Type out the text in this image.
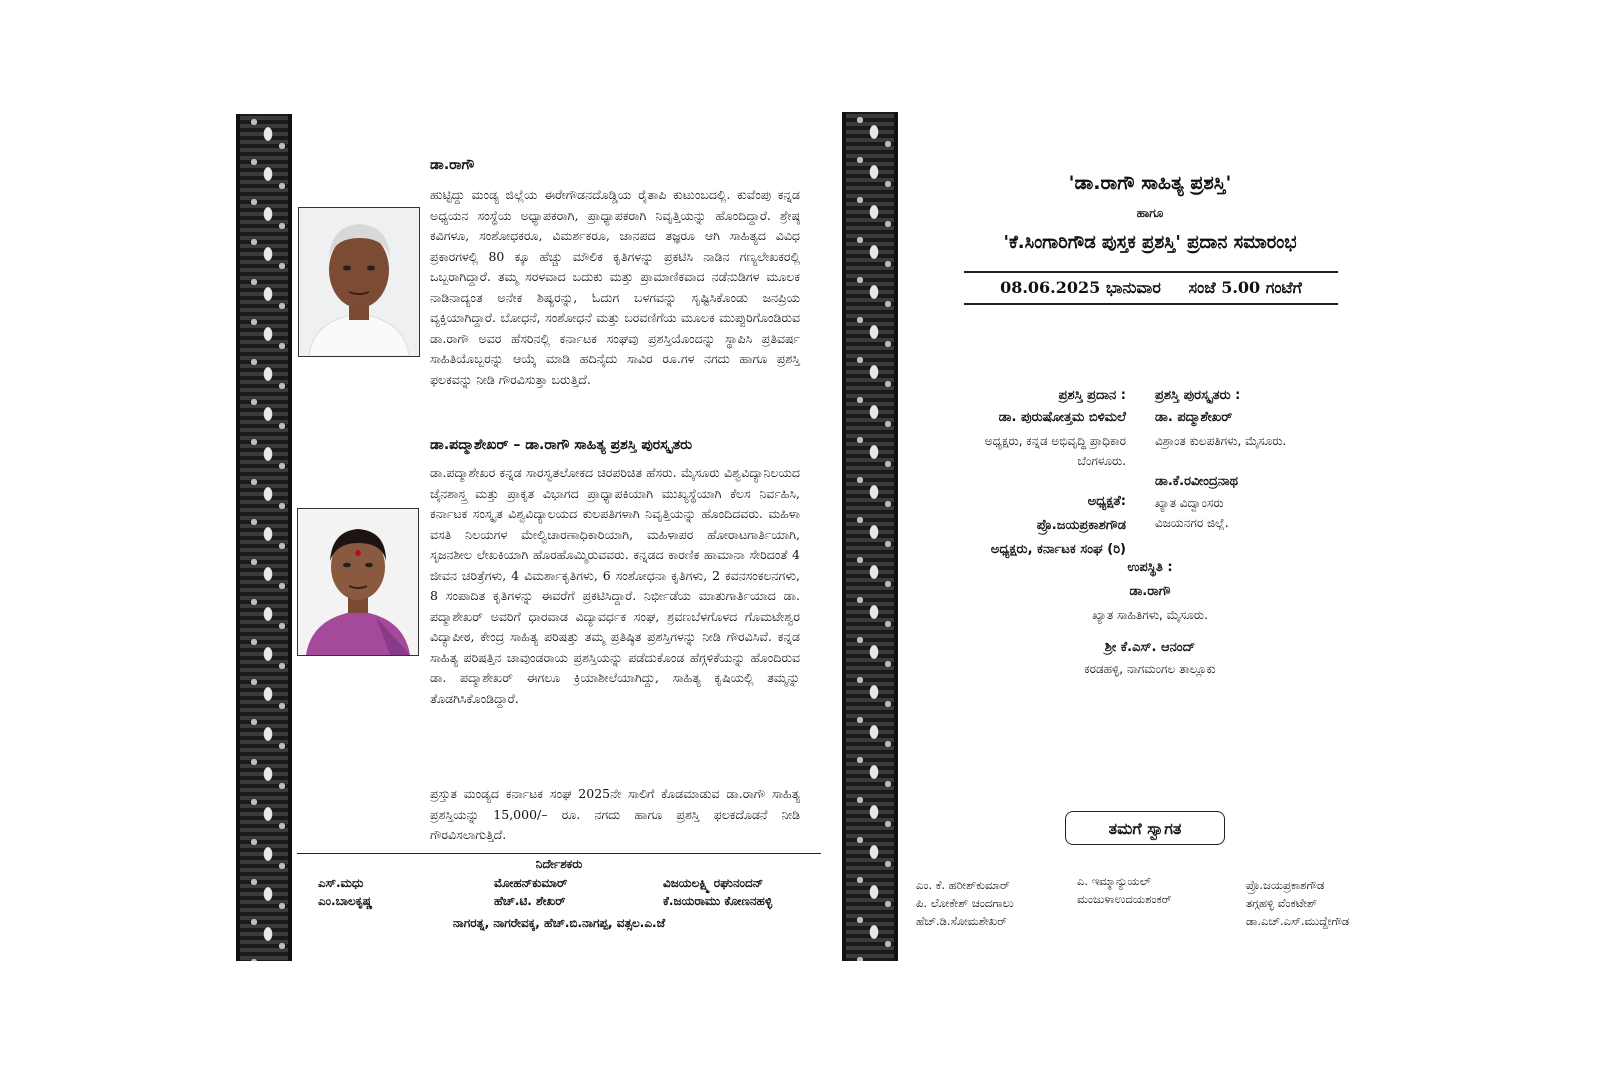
ಡಾ.ರಾಗೌ
ಹುಟ್ಟಿದ್ದು ಮಂಡ್ಯ ಜಿಲ್ಲೆಯ ಈರೇಗೌಡನದೊಡ್ಡಿಯ ರೈತಾಪಿ ಕುಟುಂಬದಲ್ಲಿ. ಕುವೆಂಪು ಕನ್ನಡ ಅಧ್ಯಯನ ಸಂಸ್ಥೆಯ ಅಧ್ಯಾಪಕರಾಗಿ, ಪ್ರಾಧ್ಯಾಪಕರಾಗಿ ನಿವೃತ್ತಿಯನ್ನು ಹೊಂದಿದ್ದಾರೆ. ಶ್ರೇಷ್ಠ ಕವಿಗಳೂ, ಸಂಶೋಧಕರೂ, ವಿಮರ್ಶಕರೂ, ಜಾನಪದ ತಜ್ಞರೂ ಆಗಿ ಸಾಹಿತ್ಯದ ವಿವಿಧ ಪ್ರಕಾರಗಳಲ್ಲಿ 80 ಕ್ಕೂ ಹೆಚ್ಚು ಮೌಲಿಕ ಕೃತಿಗಳನ್ನು ಪ್ರಕಟಿಸಿ ನಾಡಿನ ಗಣ್ಯಲೇಖಕರಲ್ಲಿ ಒಬ್ಬರಾಗಿದ್ದಾರೆ. ತಮ್ಮ ಸರಳವಾದ ಬದುಕು ಮತ್ತು ಪ್ರಾಮಾಣಿಕವಾದ ನಡೆನುಡಿಗಳ ಮೂಲಕ ನಾಡಿನಾದ್ಯಂತ ಅನೇಕ ಶಿಷ್ಯರನ್ನು, ಓದುಗ ಬಳಗವನ್ನು ಸೃಷ್ಟಿಸಿಕೊಂಡು ಜನಪ್ರಿಯ ವ್ಯಕ್ತಿಯಾಗಿದ್ದಾರೆ. ಬೋಧನೆ, ಸಂಶೋಧನೆ ಮತ್ತು ಬರವಣಿಗೆಯ ಮೂಲಕ ಮುಪ್ಪುರಿಗೊಂಡಿರುವ ಡಾ.ರಾಗೌ ಅವರ ಹೆಸರಿನಲ್ಲಿ ಕರ್ನಾಟಕ ಸಂಘವು ಪ್ರಶಸ್ತಿಯೊಂದನ್ನು ಸ್ಥಾಪಿಸಿ ಪ್ರತಿವರ್ಷ ಸಾಹಿತಿಯೊಬ್ಬರನ್ನು ಆಯ್ಕೆ ಮಾಡಿ ಹದಿನೈದು ಸಾವಿರ ರೂ.ಗಳ ನಗದು ಹಾಗೂ ಪ್ರಶಸ್ತಿ ಫಲಕವನ್ನು ನೀಡಿ ಗೌರವಿಸುತ್ತಾ ಬರುತ್ತಿದೆ.
ಡಾ.ಪದ್ಮಾಶೇಖರ್ – ಡಾ.ರಾಗೌ ಸಾಹಿತ್ಯ ಪ್ರಶಸ್ತಿ ಪುರಸ್ಕೃತರು
ಡಾ.ಪದ್ಮಾಶೇಖರ ಕನ್ನಡ ಸಾರಸ್ವತಲೋಕದ ಚಿರಪರಿಚಿತ ಹೆಸರು. ಮೈಸೂರು ವಿಶ್ವವಿದ್ಯಾನಿಲಯದ ಜೈನಶಾಸ್ತ್ರ ಮತ್ತು ಪ್ರಾಕೃತ ವಿಭಾಗದ ಪ್ರಾಧ್ಯಾಪಕಿಯಾಗಿ ಮುಖ್ಯಸ್ಥೆಯಾಗಿ ಕೆಲಸ ನಿರ್ವಹಿಸಿ, ಕರ್ನಾಟಕ ಸಂಸ್ಕೃತ ವಿಶ್ವವಿದ್ಯಾಲಯದ ಕುಲಪತಿಗಳಾಗಿ ನಿವೃತ್ತಿಯನ್ನು ಹೊಂದಿದವರು. ಮಹಿಳಾ ವಸತಿ ನಿಲಯಗಳ ಮೇಲ್ವಿಚಾರಣಾಧಿಕಾರಿಯಾಗಿ, ಮಹಿಳಾಪರ ಹೋರಾಟಗಾರ್ತಿಯಾಗಿ, ಸೃಜನಶೀಲ ಲೇಖಕಿಯಾಗಿ ಹೊರಹೊಮ್ಮಿರುವವರು. ಕನ್ನಡದ ಕಾರಣಿಕ ಹಾಮಾನಾ ಸೇರಿದಂತೆ 4 ಜೀವನ ಚರಿತ್ರೆಗಳು, 4 ವಿಮರ್ಶಾಕೃತಿಗಳು, 6 ಸಂಶೋಧನಾ ಕೃತಿಗಳು, 2 ಕವನಸಂಕಲನಗಳು, 8 ಸಂಪಾದಿತ ಕೃತಿಗಳನ್ನು ಈವರೆಗೆ ಪ್ರಕಟಿಸಿದ್ದಾರೆ. ನಿರ್ಭೀಡೆಯ ಮಾತುಗಾರ್ತಿಯಾದ ಡಾ. ಪದ್ಮಾಶೇಖರ್ ಅವರಿಗೆ ಧಾರವಾಡ ವಿದ್ಯಾವರ್ಧಕ ಸಂಘ, ಶ್ರವಣಬೆಳಗೊಳದ ಗೊಮಟೇಶ್ವರ ವಿದ್ಯಾಪೀಠ, ಕೇಂದ್ರ ಸಾಹಿತ್ಯ ಪರಿಷತ್ತು ತಮ್ಮ ಪ್ರತಿಷ್ಠಿತ ಪ್ರಶಸ್ತಿಗಳನ್ನು ನೀಡಿ ಗೌರವಿಸಿವೆ. ಕನ್ನಡ ಸಾಹಿತ್ಯ ಪರಿಷತ್ತಿನ ಚಾವುಂಡರಾಯ ಪ್ರಶಸ್ತಿಯನ್ನು ಪಡೆದುಕೊಂಡ ಹೆಗ್ಗಳಿಕೆಯನ್ನು ಹೊಂದಿರುವ ಡಾ. ಪದ್ಮಾಶೇಖರ್ ಈಗಲೂ ಕ್ರಿಯಾಶೀಲೆಯಾಗಿದ್ದು, ಸಾಹಿತ್ಯ ಕೃಷಿಯಲ್ಲಿ ತಮ್ಮನ್ನು ತೊಡಗಿಸಿಕೊಂಡಿದ್ದಾರೆ.
ಪ್ರಸ್ತುತ ಮಂಡ್ಯದ ಕರ್ನಾಟಕ ಸಂಘ 2025ನೇ ಸಾಲಿಗೆ ಕೊಡಮಾಡುವ ಡಾ.ರಾಗೌ ಸಾಹಿತ್ಯ ಪ್ರಶಸ್ತಿಯನ್ನು 15,000/– ರೂ. ನಗದು ಹಾಗೂ ಪ್ರಶಸ್ತಿ ಫಲಕದೊಡನೆ ನೀಡಿ ಗೌರವಿಸಲಾಗುತ್ತಿದೆ.
ನಿರ್ದೇಶಕರು
ಎಸ್.ಮಧು
ಎಂ.ಬಾಲಕೃಷ್ಣ
ಮೋಹನ್‌ಕುಮಾರ್
ಹೆಚ್.ಟಿ. ಶೇಖರ್
ವಿಜಯಲಕ್ಷ್ಮಿ ರಘುನಂದನ್
ಕೆ.ಜಯರಾಮು ಕೋಣನಹಳ್ಳಿ
ನಾಗರತ್ನ, ನಾಗರೇವಕ್ಕ, ಹೆಚ್.ಬಿ.ನಾಗಪ್ಪ, ವತ್ಸಲ.ಎ.ಜೆ
'ಡಾ.ರಾಗೌ ಸಾಹಿತ್ಯ ಪ್ರಶಸ್ತಿ'
ಹಾಗೂ
'ಕೆ.ಸಿಂಗಾರಿಗೌಡ ಪುಸ್ತಕ ಪ್ರಶಸ್ತಿ' ಪ್ರದಾನ ಸಮಾರಂಭ
08.06.2025 ಭಾನುವಾರ     ಸಂಜೆ 5.00 ಗಂಟೆಗೆ
ಪ್ರಶಸ್ತಿ ಪ್ರದಾನ :
ಡಾ. ಪುರುಷೋತ್ತಮ ಬಿಳಿಮಲೆ
ಅಧ್ಯಕ್ಷರು, ಕನ್ನಡ ಅಭಿವೃದ್ಧಿ ಪ್ರಾಧಿಕಾರ
ಬೆಂಗಳೂರು.
ಅಧ್ಯಕ್ಷತೆ:
ಪ್ರೊ.ಜಯಪ್ರಕಾಶಗೌಡ
ಅಧ್ಯಕ್ಷರು, ಕರ್ನಾಟಕ ಸಂಘ (ರಿ)
ಪ್ರಶಸ್ತಿ ಪುರಸ್ಕೃತರು :
ಡಾ. ಪದ್ಮಾಶೇಖರ್
ವಿಶ್ರಾಂತ ಕುಲಪತಿಗಳು, ಮೈಸೂರು.
ಡಾ.ಕೆ.ರವೀಂದ್ರನಾಥ
ಖ್ಯಾತ ವಿದ್ವಾಂಸರು
ವಿಜಯನಗರ ಜಿಲ್ಲೆ.
ಉಪಸ್ಥಿತಿ :
ಡಾ.ರಾಗೌ
ಖ್ಯಾತ ಸಾಹಿತಿಗಳು, ಮೈಸೂರು.
ಶ್ರೀ ಕೆ.ಎಸ್. ಆನಂದ್
ಕರಡಹಳ್ಳಿ, ನಾಗಮಂಗಲ ತಾಲ್ಲೂಕು
ತಮಗೆ ಸ್ವಾಗತ
ಎಂ. ಕೆ. ಹರೀಶ್‌ಕುಮಾರ್
ಪಿ. ಲೋಕೇಶ್ ಚಂದಗಾಲು
ಹೆಚ್.ಡಿ.ಸೋಮಶೇಖರ್
ಎ. ಇಮ್ಮಾನ್ಯುಯಲ್
ಮಂಜುಳಾಉದಯಶಂಕರ್
ಪ್ರೊ.ಜಯಪ್ರಕಾಶಗೌಡ
ತಗ್ಗಹಳ್ಳಿ ವೆಂಕಟೇಶ್
ಡಾ.ಎಚ್.ಎಸ್.ಮುದ್ದೇಗೌಡ
